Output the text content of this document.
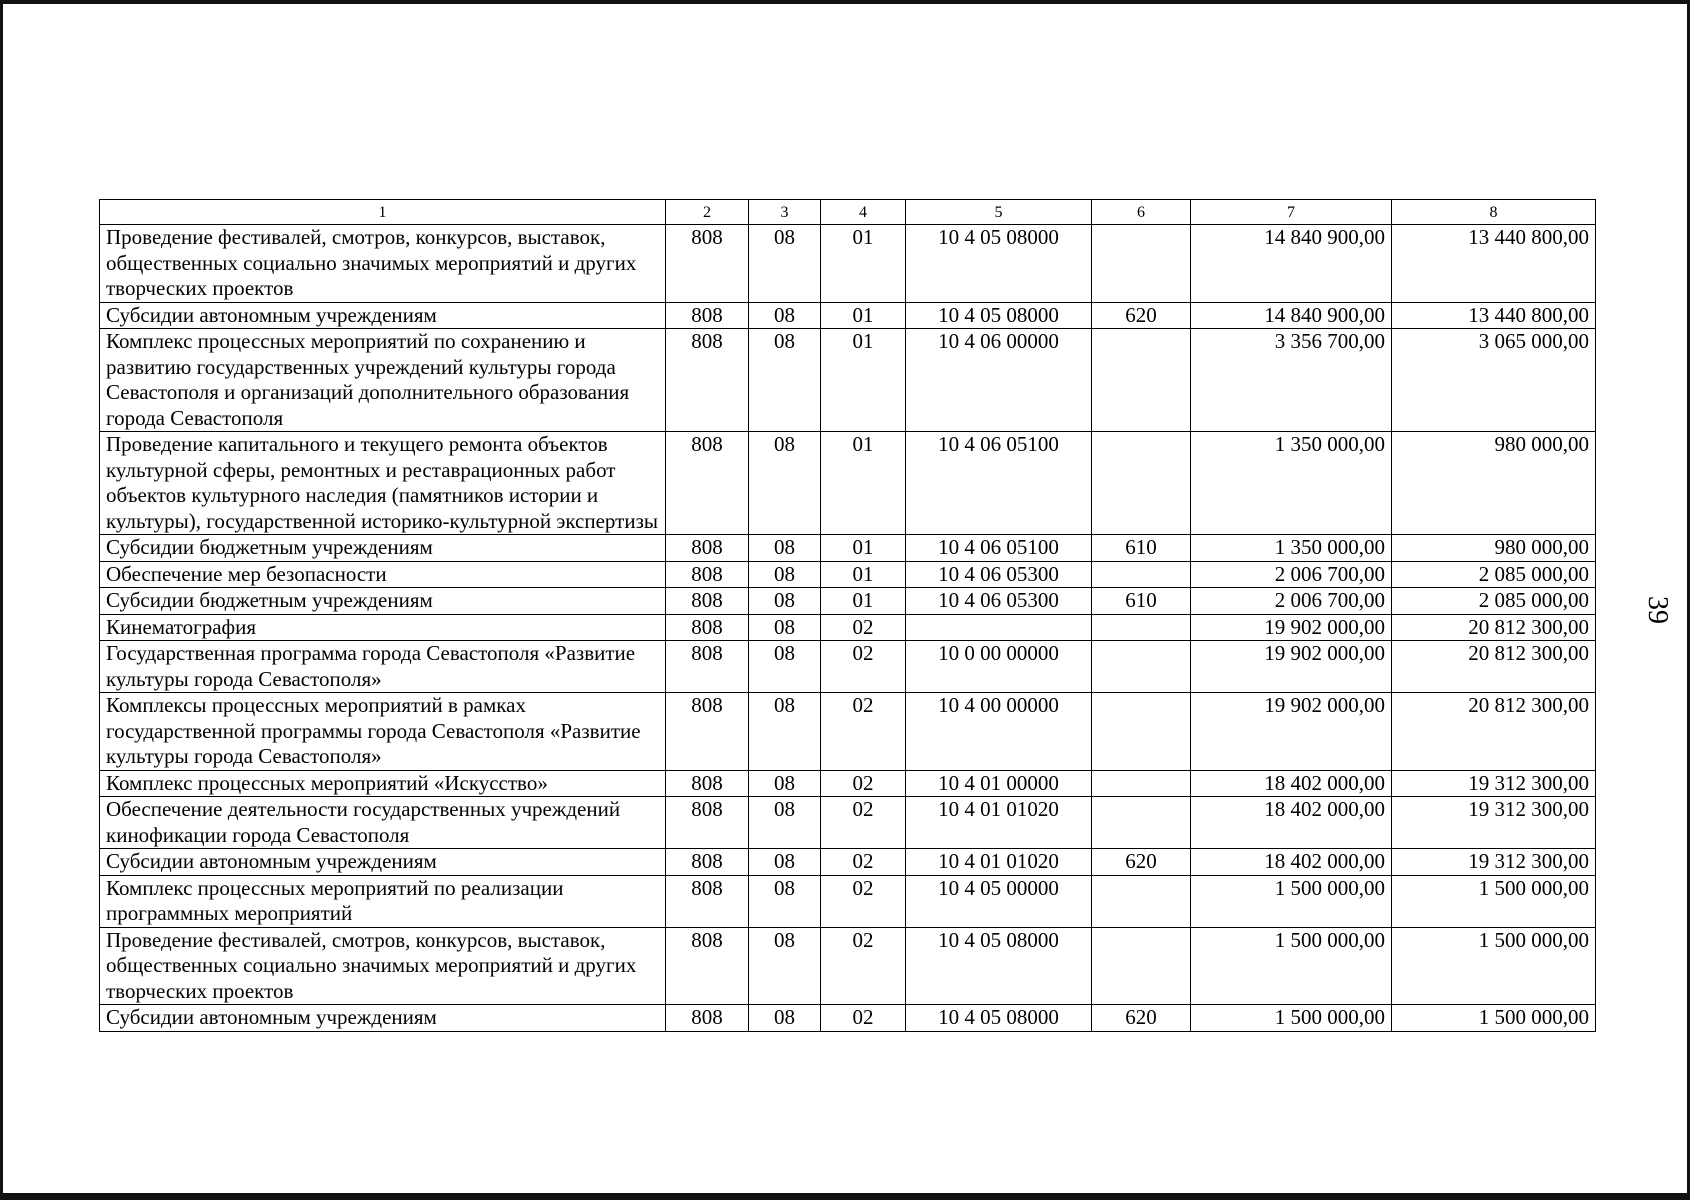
1	2	3	4	5	6	7	8
Проведение фестивалей, смотров, конкурсов, выставок, общественных социально значимых мероприятий и других творческих проектов	808	08	01	10 4 05 08000		14 840 900,00	13 440 800,00
Субсидии автономным учреждениям	808	08	01	10 4 05 08000	620	14 840 900,00	13 440 800,00
Комплекс процессных мероприятий по сохранению и развитию государственных учреждений культуры города Севастополя и организаций дополнительного образования города Севастополя	808	08	01	10 4 06 00000		3 356 700,00	3 065 000,00
Проведение капитального и текущего ремонта объектов культурной сферы, ремонтных и реставрационных работ объектов культурного наследия (памятников истории и культуры), государственной историко-культурной экспертизы	808	08	01	10 4 06 05100		1 350 000,00	980 000,00
Субсидии бюджетным учреждениям	808	08	01	10 4 06 05100	610	1 350 000,00	980 000,00
Обеспечение мер безопасности	808	08	01	10 4 06 05300		2 006 700,00	2 085 000,00
Субсидии бюджетным учреждениям	808	08	01	10 4 06 05300	610	2 006 700,00	2 085 000,00
Кинематография	808	08	02			19 902 000,00	20 812 300,00
Государственная программа города Севастополя «Развитие культуры города Севастополя»	808	08	02	10 0 00 00000		19 902 000,00	20 812 300,00
Комплексы процессных мероприятий в рамках государственной программы города Севастополя «Развитие культуры города Севастополя»	808	08	02	10 4 00 00000		19 902 000,00	20 812 300,00
Комплекс процессных мероприятий «Искусство»	808	08	02	10 4 01 00000		18 402 000,00	19 312 300,00
Обеспечение деятельности государственных учреждений кинофикации города Севастополя	808	08	02	10 4 01 01020		18 402 000,00	19 312 300,00
Субсидии автономным учреждениям	808	08	02	10 4 01 01020	620	18 402 000,00	19 312 300,00
Комплекс процессных мероприятий по реализации программных мероприятий	808	08	02	10 4 05 00000		1 500 000,00	1 500 000,00
Проведение фестивалей, смотров, конкурсов, выставок, общественных социально значимых мероприятий и других творческих проектов	808	08	02	10 4 05 08000		1 500 000,00	1 500 000,00
Субсидии автономным учреждениям	808	08	02	10 4 05 08000	620	1 500 000,00	1 500 000,00
39
